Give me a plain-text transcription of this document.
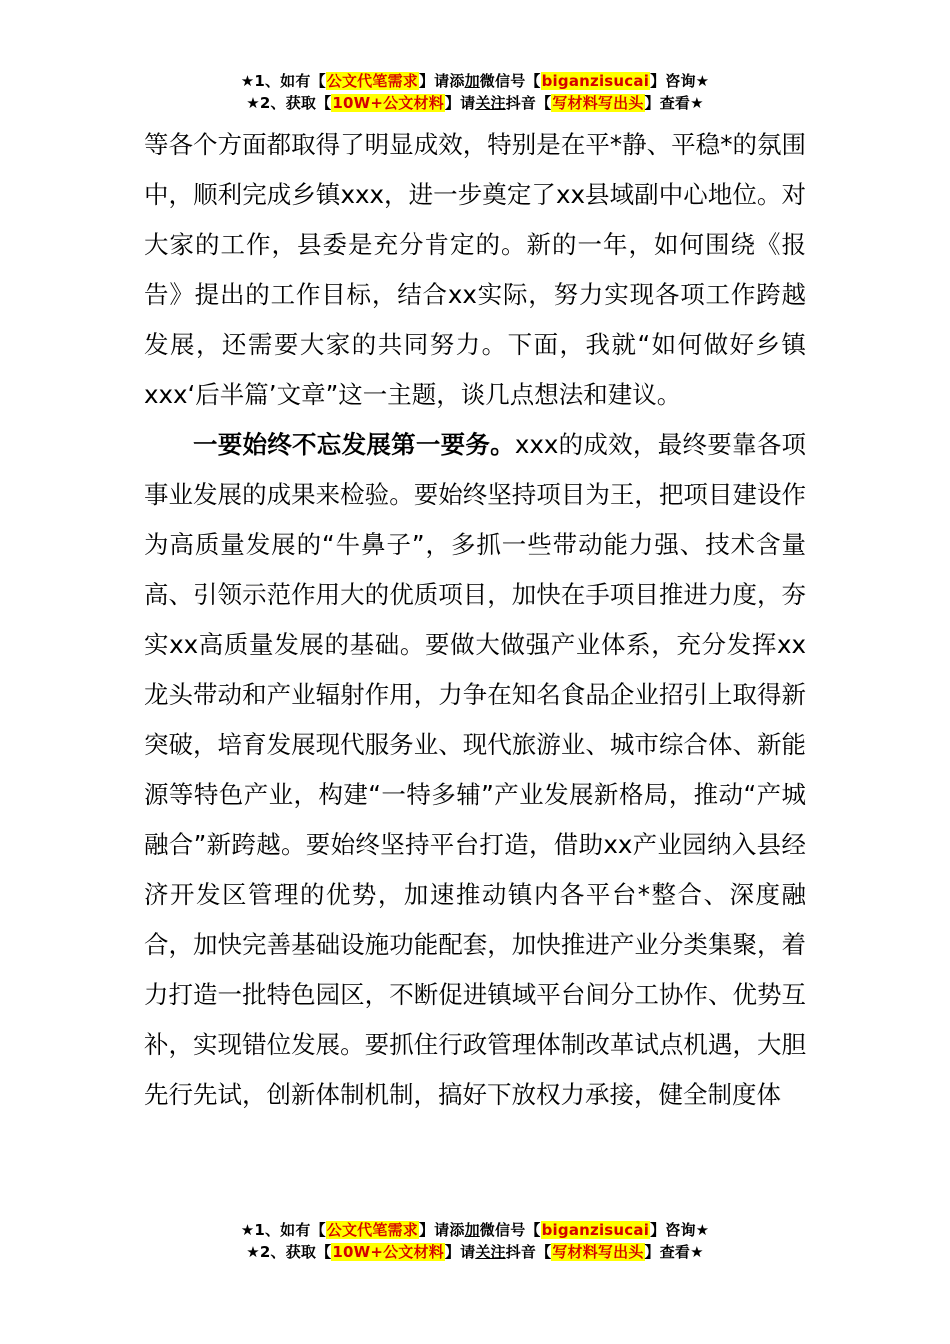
★1、如有【公文代笔需求】请添加微信号【biganzisucai】咨询★
★2、获取【10W+公文材料】请关注抖音【写材料写出头】查看★

等各个方面都取得了明显成效，特别是在平*静、平稳*的氛围中，顺利完成乡镇xxx，进一步奠定了xx县域副中心地位。对大家的工作，县委是充分肯定的。新的一年，如何围绕《报告》提出的工作目标，结合xx实际，努力实现各项工作跨越发展，还需要大家的共同努力。下面，我就“如何做好乡镇xxx‘后半篇’文章”这一主题，谈几点想法和建议。

一要始终不忘发展第一要务。xxx的成效，最终要靠各项事业发展的成果来检验。要始终坚持项目为王，把项目建设作为高质量发展的“牛鼻子”，多抓一些带动能力强、技术含量高、引领示范作用大的优质项目，加快在手项目推进力度，夯实xx高质量发展的基础。要做大做强产业体系，充分发挥xx龙头带动和产业辐射作用，力争在知名食品企业招引上取得新突破，培育发展现代服务业、现代旅游业、城市综合体、新能源等特色产业，构建“一特多辅”产业发展新格局，推动“产城融合”新跨越。要始终坚持平台打造，借助xx产业园纳入县经济开发区管理的优势，加速推动镇内各平台*整合、深度融合，加快完善基础设施功能配套，加快推进产业分类集聚，着力打造一批特色园区，不断促进镇域平台间分工协作、优势互补，实现错位发展。要抓住行政管理体制改革试点机遇，大胆先行先试，创新体制机制，搞好下放权力承接，健全制度体

★1、如有【公文代笔需求】请添加微信号【biganzisucai】咨询★
★2、获取【10W+公文材料】请关注抖音【写材料写出头】查看★
